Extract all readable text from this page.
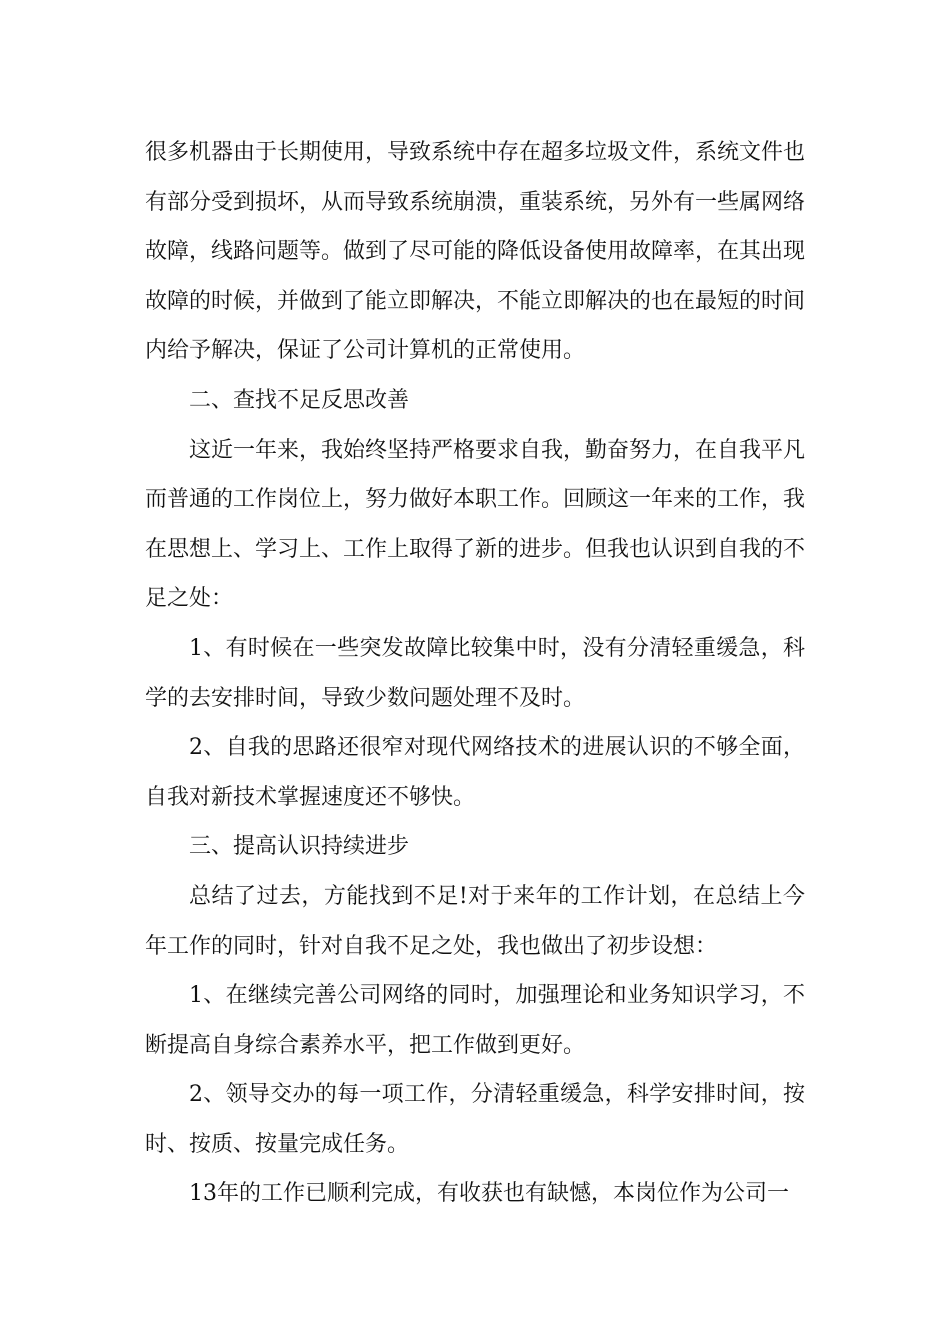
很多机器由于长期使用，导致系统中存在超多垃圾文件，系统文件也有部分受到损坏，从而导致系统崩溃，重装系统，另外有一些属网络故障，线路问题等。做到了尽可能的降低设备使用故障率，在其出现故障的时候，并做到了能立即解决，不能立即解决的也在最短的时间内给予解决，保证了公司计算机的正常使用。

二、查找不足反思改善

这近一年来，我始终坚持严格要求自我，勤奋努力，在自我平凡而普通的工作岗位上，努力做好本职工作。回顾这一年来的工作，我在思想上、学习上、工作上取得了新的进步。但我也认识到自我的不足之处：

1、有时候在一些突发故障比较集中时，没有分清轻重缓急，科学的去安排时间，导致少数问题处理不及时。

2、自我的思路还很窄对现代网络技术的进展认识的不够全面，自我对新技术掌握速度还不够快。

三、提高认识持续进步

总结了过去，方能找到不足!对于来年的工作计划，在总结上今年工作的同时，针对自我不足之处，我也做出了初步设想：

1、在继续完善公司网络的同时，加强理论和业务知识学习，不断提高自身综合素养水平，把工作做到更好。

2、领导交办的每一项工作，分清轻重缓急，科学安排时间，按时、按质、按量完成任务。

13年的工作已顺利完成，有收获也有缺憾，本岗位作为公司一
